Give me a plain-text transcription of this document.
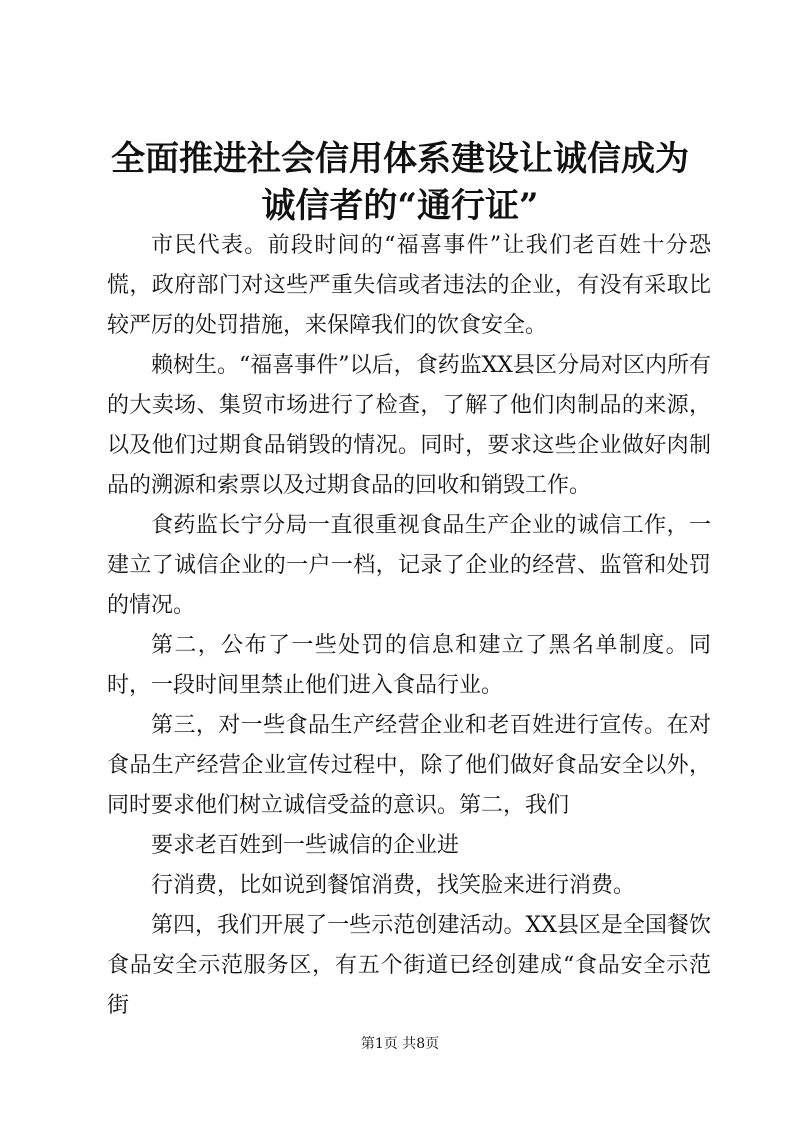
全面推进社会信用体系建设让诚信成为诚信者的“通行证”

市民代表。前段时间的“福喜事件”让我们老百姓十分恐慌，政府部门对这些严重失信或者违法的企业，有没有采取比较严厉的处罚措施，来保障我们的饮食安全。

赖树生。“福喜事件”以后，食药监XX县区分局对区内所有的大卖场、集贸市场进行了检查，了解了他们肉制品的来源，以及他们过期食品销毁的情况。同时，要求这些企业做好肉制品的溯源和索票以及过期食品的回收和销毁工作。

食药监长宁分局一直很重视食品生产企业的诚信工作，一建立了诚信企业的一户一档，记录了企业的经营、监管和处罚的情况。

第二，公布了一些处罚的信息和建立了黑名单制度。同时，一段时间里禁止他们进入食品行业。

第三，对一些食品生产经营企业和老百姓进行宣传。在对食品生产经营企业宣传过程中，除了他们做好食品安全以外，同时要求他们树立诚信受益的意识。第二，我们

要求老百姓到一些诚信的企业进

行消费，比如说到餐馆消费，找笑脸来进行消费。

第四，我们开展了一些示范创建活动。XX县区是全国餐饮食品安全示范服务区，有五个街道已经创建成“食品安全示范街

第1页 共8页
